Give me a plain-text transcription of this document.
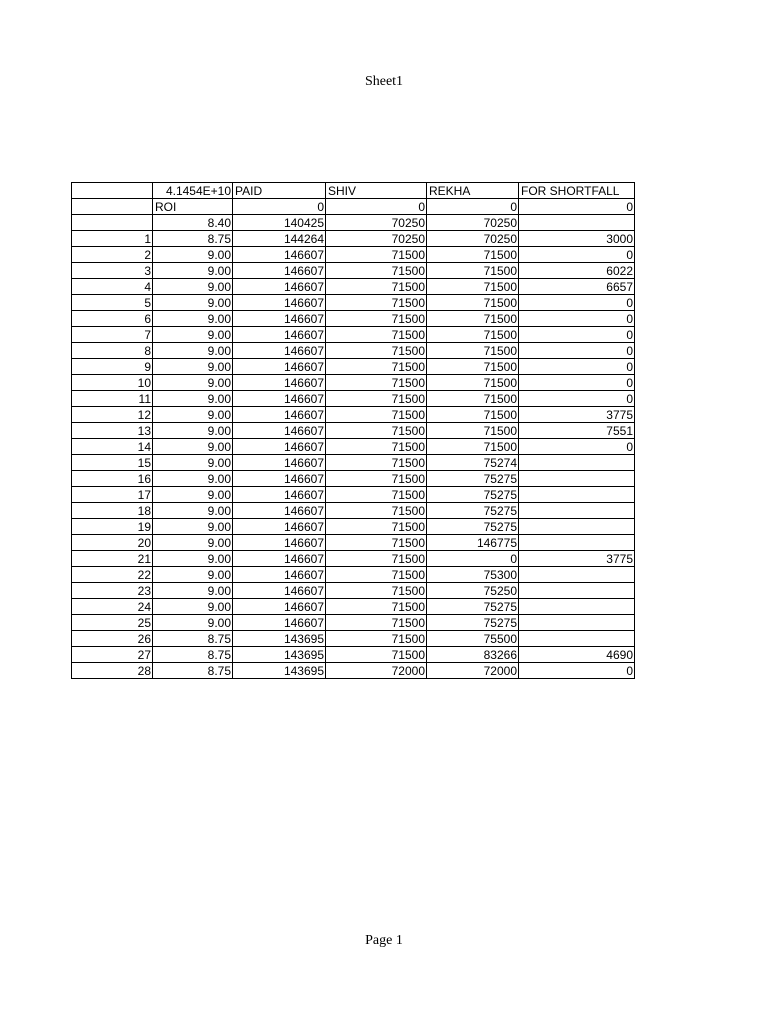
Sheet1
	4.1454E+10	PAID	SHIV	REKHA	FOR SHORTFALL
	ROI	0	0	0	0
	8.40	140425	70250	70250	
1	8.75	144264	70250	70250	3000
2	9.00	146607	71500	71500	0
3	9.00	146607	71500	71500	6022
4	9.00	146607	71500	71500	6657
5	9.00	146607	71500	71500	0
6	9.00	146607	71500	71500	0
7	9.00	146607	71500	71500	0
8	9.00	146607	71500	71500	0
9	9.00	146607	71500	71500	0
10	9.00	146607	71500	71500	0
11	9.00	146607	71500	71500	0
12	9.00	146607	71500	71500	3775
13	9.00	146607	71500	71500	7551
14	9.00	146607	71500	71500	0
15	9.00	146607	71500	75274	
16	9.00	146607	71500	75275	
17	9.00	146607	71500	75275	
18	9.00	146607	71500	75275	
19	9.00	146607	71500	75275	
20	9.00	146607	71500	146775	
21	9.00	146607	71500	0	3775
22	9.00	146607	71500	75300	
23	9.00	146607	71500	75250	
24	9.00	146607	71500	75275	
25	9.00	146607	71500	75275	
26	8.75	143695	71500	75500	
27	8.75	143695	71500	83266	4690
28	8.75	143695	72000	72000	0
Page 1
